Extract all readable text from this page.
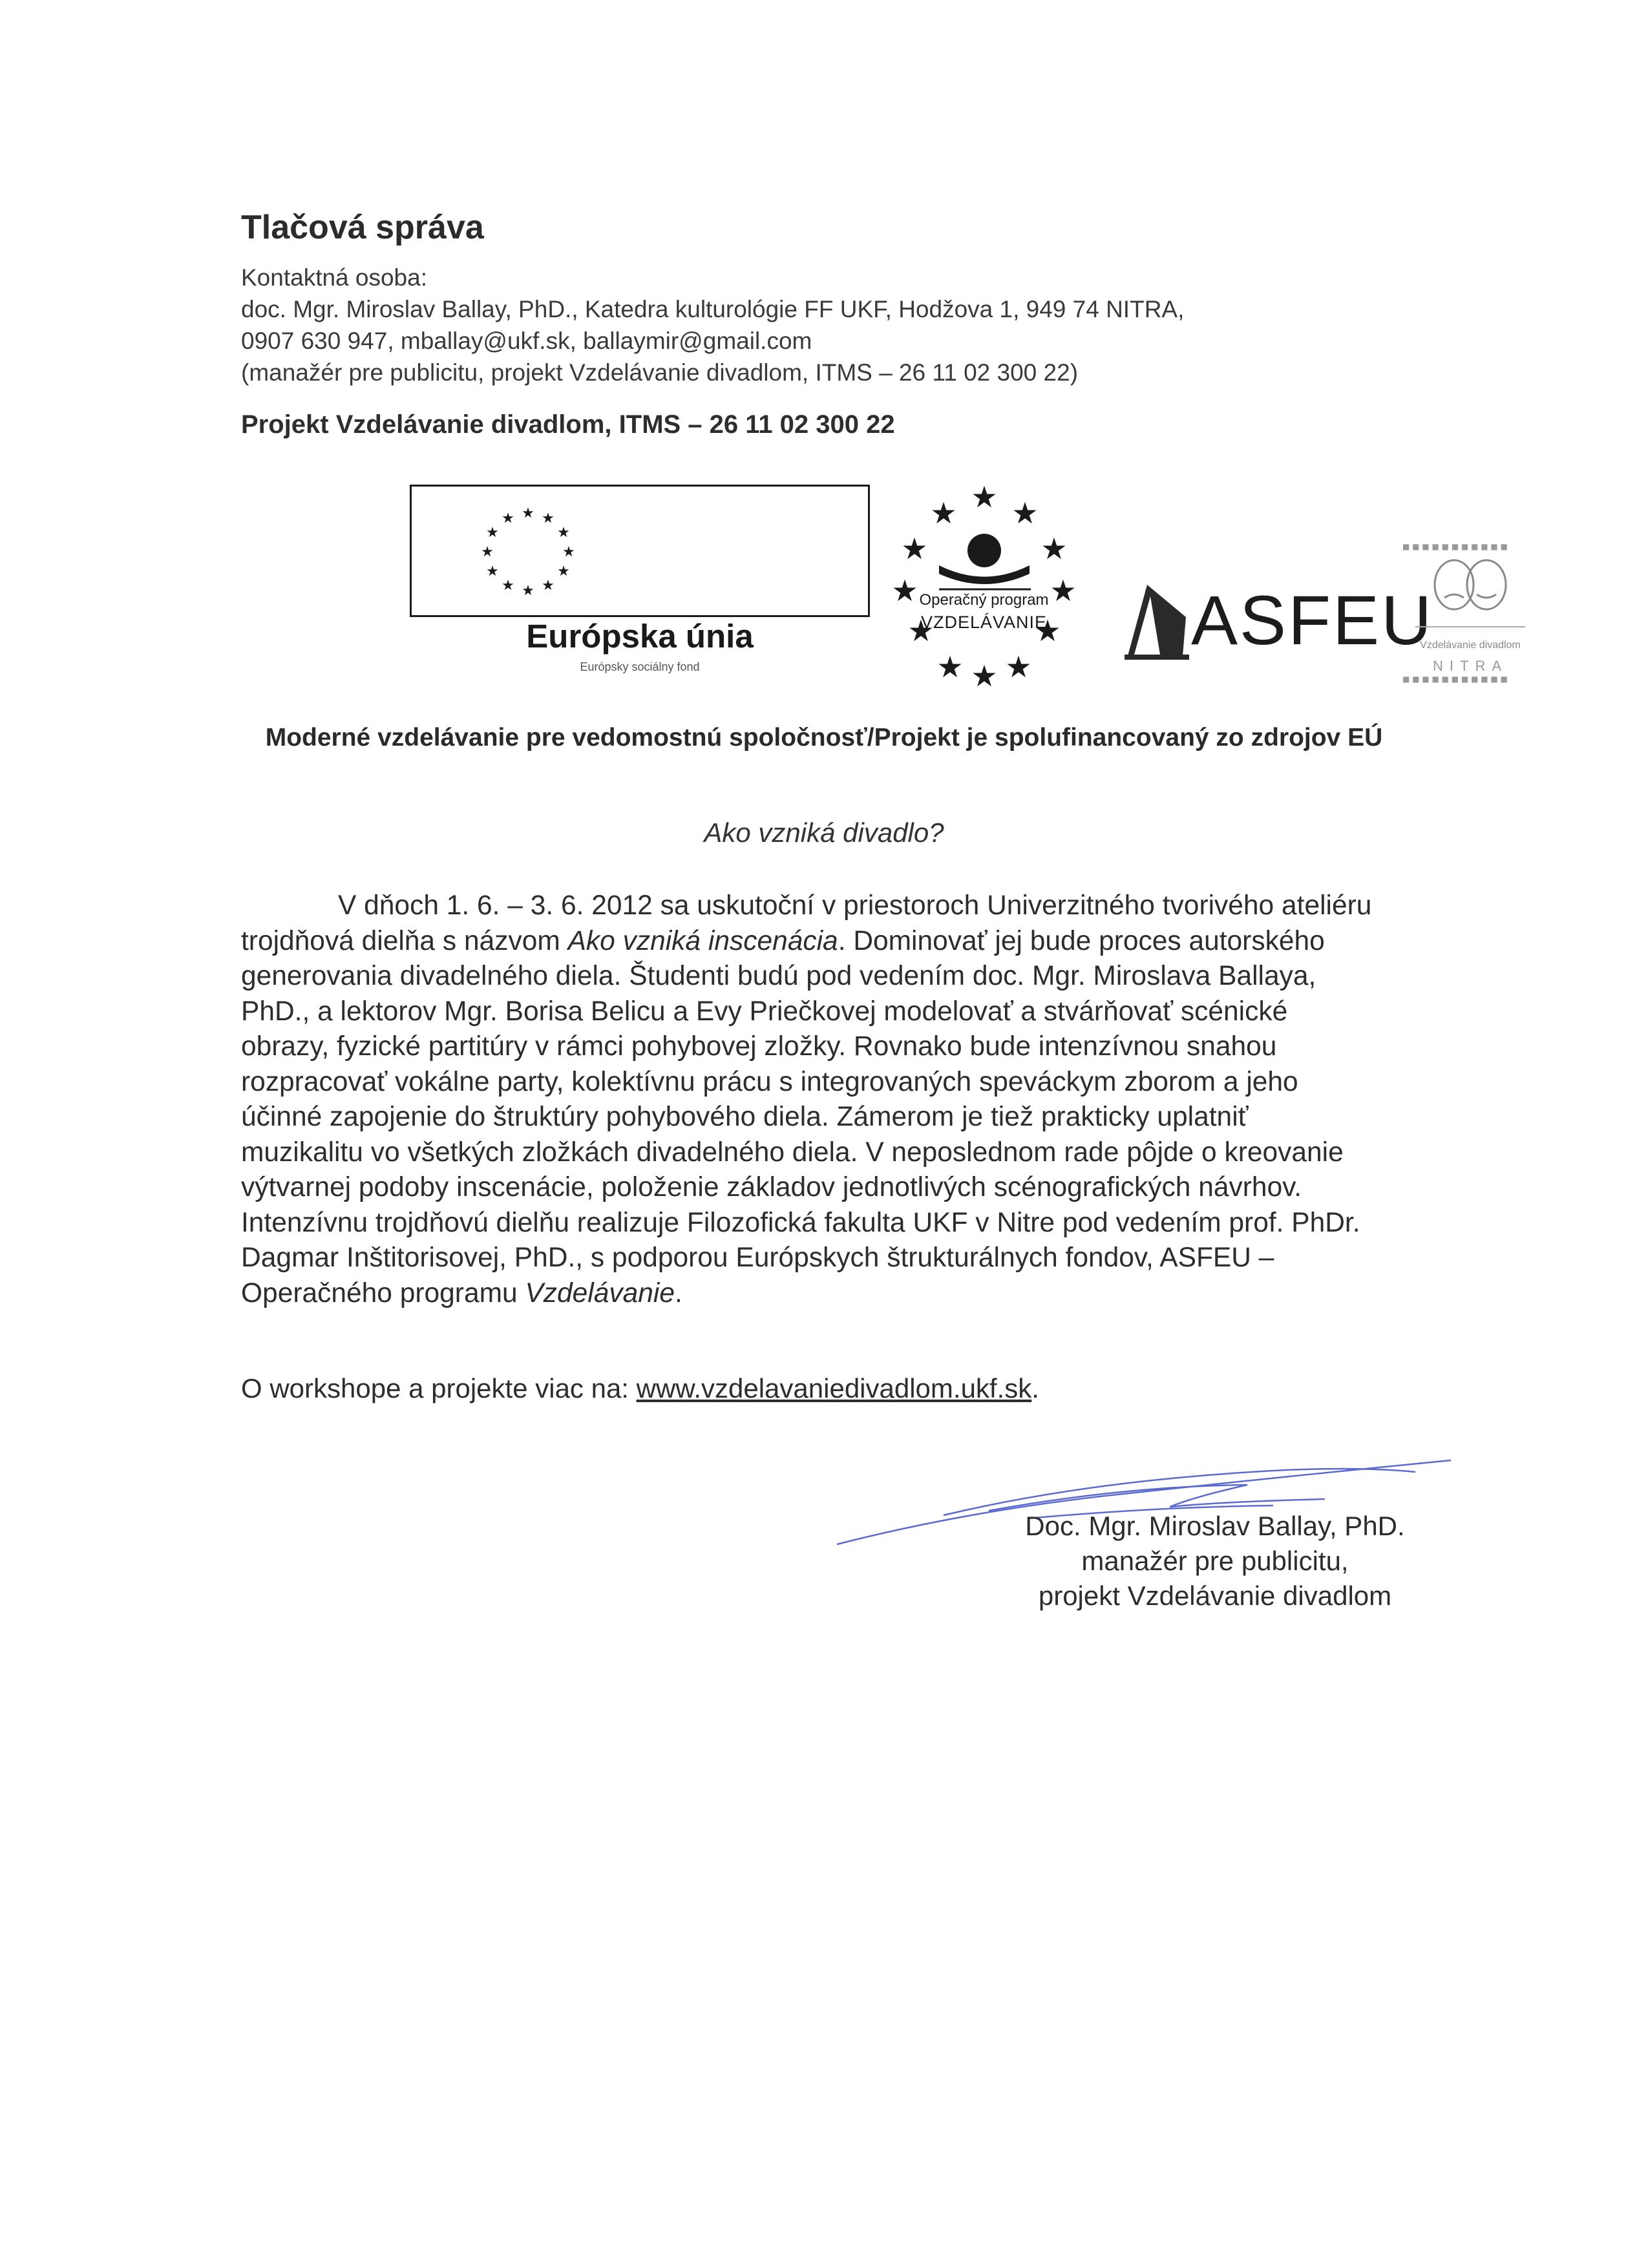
Tlačová správa
Kontaktná osoba:
doc. Mgr. Miroslav Ballay, PhD., Katedra kulturológie FF UKF, Hodžova 1, 949 74 NITRA,
0907 630 947, mballay@ukf.sk, ballaymir@gmail.com
(manažér pre publicitu, projekt Vzdelávanie divadlom, ITMS – 26 11 02 300 22)
Projekt Vzdelávanie divadlom, ITMS – 26 11 02 300 22
★ ★
★
★
★
★
★
★
★
★
★
★
Európska únia
Európsky sociálny fond
★
★ ★
★	★
★	★
★	★
★ ★
★
Operačný program
VZDELÁVANIE	ASFEU
■ ■ ■ ■ ■ ■ ■ ■ ■ ■ ■
■ ■ ■ ■ ■ ■ ■ ■ ■ ■ ■
Vzdelávanie divadlom
NITRA
Moderné vzdelávanie pre vedomostnú spoločnosť/Projekt je spolufinancovaný zo zdrojov EÚ
Ako vzniká divadlo?
V dňoch 1. 6. – 3. 6. 2012 sa uskutoční v priestoroch Univerzitného tvorivého ateliéru
trojdňová dielňa s názvom Ako vzniká inscenácia. Dominovať jej bude proces autorského
generovania divadelného diela. Študenti budú pod vedením doc. Mgr. Miroslava Ballaya,
PhD., a lektorov Mgr. Borisa Belicu a Evy Priečkovej modelovať a stvárňovať scénické
obrazy, fyzické partitúry v rámci pohybovej zložky. Rovnako bude intenzívnou snahou
rozpracovať vokálne party, kolektívnu prácu s integrovaných speváckym zborom a jeho
účinné zapojenie do štruktúry pohybového diela. Zámerom je tiež prakticky uplatniť
muzikalitu vo všetkých zložkách divadelného diela. V neposlednom rade pôjde o kreovanie
výtvarnej podoby inscenácie, položenie základov jednotlivých scénografických návrhov.
Intenzívnu trojdňovú dielňu realizuje Filozofická fakulta UKF v Nitre pod vedením prof. PhDr.
Dagmar Inštitorisovej, PhD., s podporou Európskych štrukturálnych fondov, ASFEU –
Operačného programu Vzdelávanie.
O workshope a projekte viac na: www.vzdelavaniedivadlom.ukf.sk.
Doc. Mgr. Miroslav Ballay, PhD.
manažér pre publicitu,
projekt Vzdelávanie divadlom
